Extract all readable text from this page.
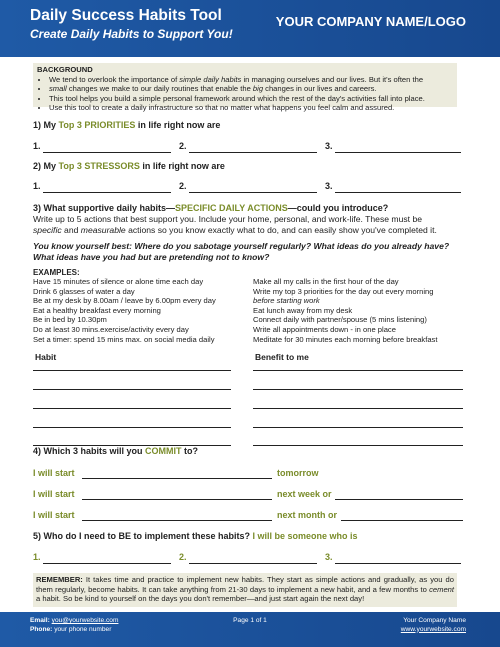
Daily Success Habits Tool
Create Daily Habits to Support You!
YOUR COMPANY NAME/LOGO
BACKGROUND
• We tend to overlook the importance of simple daily habits in managing ourselves and our lives. But it's often the
• small changes we make to our daily routines that enable the big changes in our lives and careers.
• This tool helps you build a simple personal framework around which the rest of the day's activities fall into place.
• Use this tool to create a daily infrastructure so that no matter what happens you feel calm and assured.
1) My Top 3 PRIORITIES in life right now are
1.	2.	3.
2) My Top 3 STRESSORS in life right now are
1.	2.	3.
3) What supportive daily habits—SPECIFIC DAILY ACTIONS—could you introduce?
Write up to 5 actions that best support you. Include your home, personal, and work-life. These must be
specific and measurable actions so you know exactly what to do, and can easily show you've completed it.
You know yourself best: Where do you sabotage yourself regularly? What ideas do you already have? What ideas have you had but are pretending not to know?
EXAMPLES:
Have 15 minutes of silence or alone time each day
Drink 6 glasses of water a day
Be at my desk by 8.00am / leave by 6.00pm every day
Eat a healthy breakfast every morning
Be in bed by 10.30pm
Do at least 30 mins.exercise/activity every day
Set a timer: spend 15 mins max. on social media daily
Make all my calls in the first hour of the day
Write my top 3 priorities for the day out every morning
before starting work
Eat lunch away from my desk
Connect daily with partner/spouse (5 mins listening)
Write all appointments down - in one place
Meditate for 30 minutes each morning before breakfast
Habit	Benefit to me
4) Which 3 habits will you COMMIT to?
I will start	tomorrow
I will start	next week or
I will start	next month or
5) Who do I need to BE to implement these habits? I will be someone who is
1.	2.	3.
REMEMBER: It takes time and practice to implement new habits. They start as simple actions and gradually, as you do them regularly, become habits. It can take anything from 21-30 days to implement a new habit, and a few months to cement a habit. So be kind to yourself on the days you don't remember—and just start again the next day!
Email: you@yourwebsite.com
Phone: your phone number
Page 1 of 1	Your Company Name
www.yourwebsite.com
